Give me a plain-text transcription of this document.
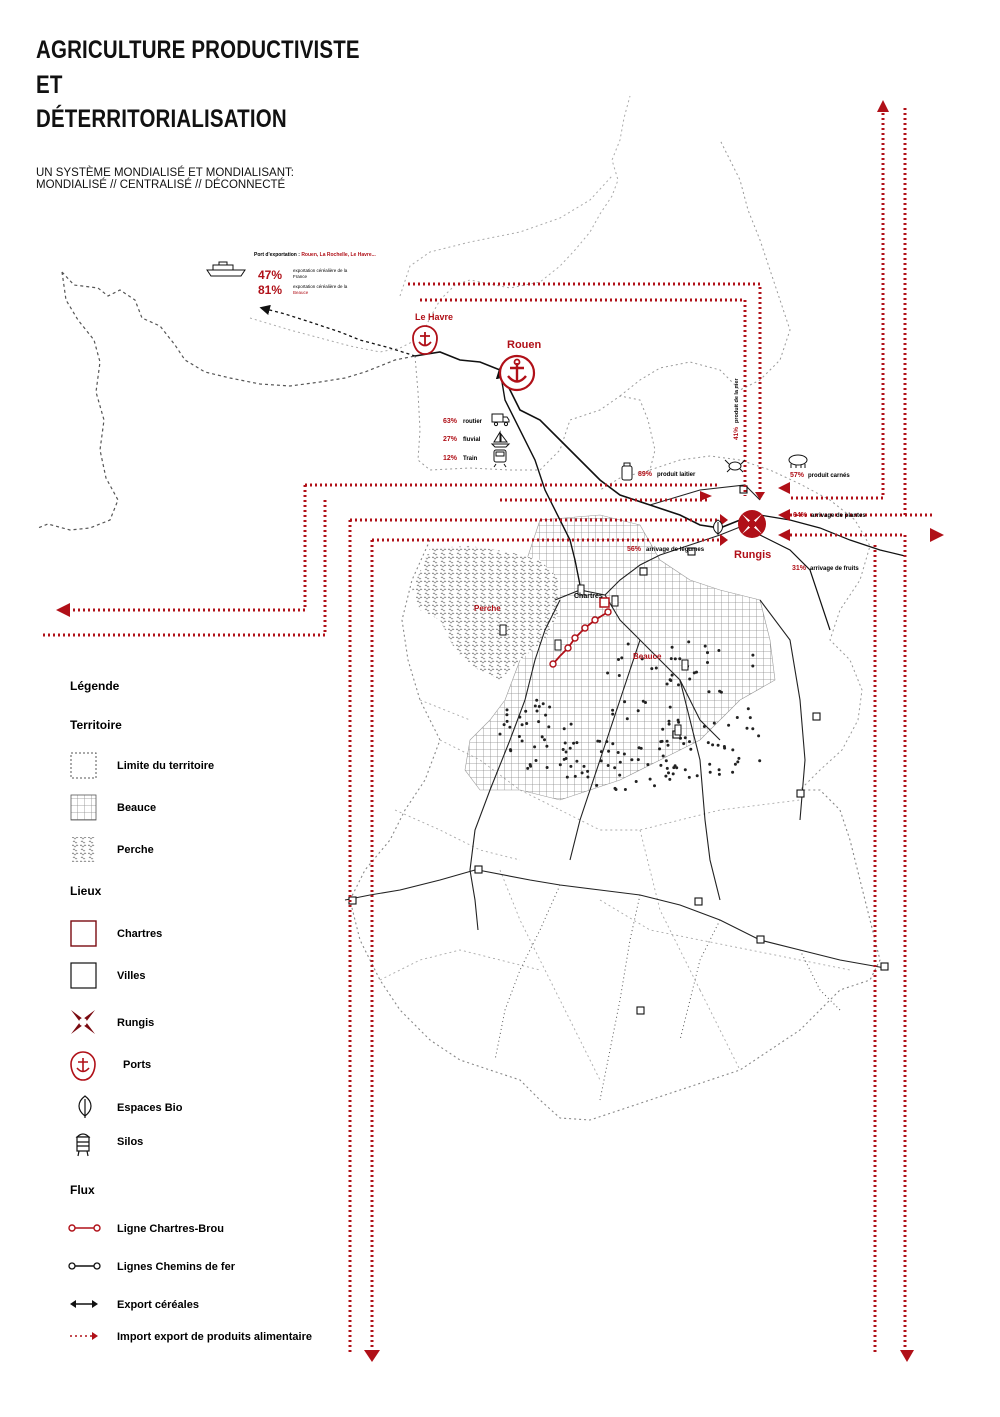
AGRICULTURE PRODUCTIVISTE
ET
DÉTERRITORIALISATION
UN SYSTÈME MONDIALISÉ ET MONDIALISANT:
MONDIALISÉ // CENTRALISÉ // DÉCONNECTÉ
Port d'exportation : Rouen, La Rochelle, Le Havre...
47% exportation céréalière de la
France
81% exportation céréalière de la
Beauce
Le Havre
Rouen
63% routier
27% fluvial
12% Train
89% produit laitier
41%
produit de la mer
57% produit carnés
64% arrivage de plantes
56% arrivage de légumes
31% arrivage de fruits
Rungis
Chartres
Perche
Beauce
Légende
Territoire
Limite du territoire
Beauce
Perche
Lieux
Chartres
Villes
Rungis
Ports
Espaces Bio
Silos
Flux
Ligne Chartres-Brou
Lignes Chemins de fer
Export céréales
Import export de produits alimentaire
